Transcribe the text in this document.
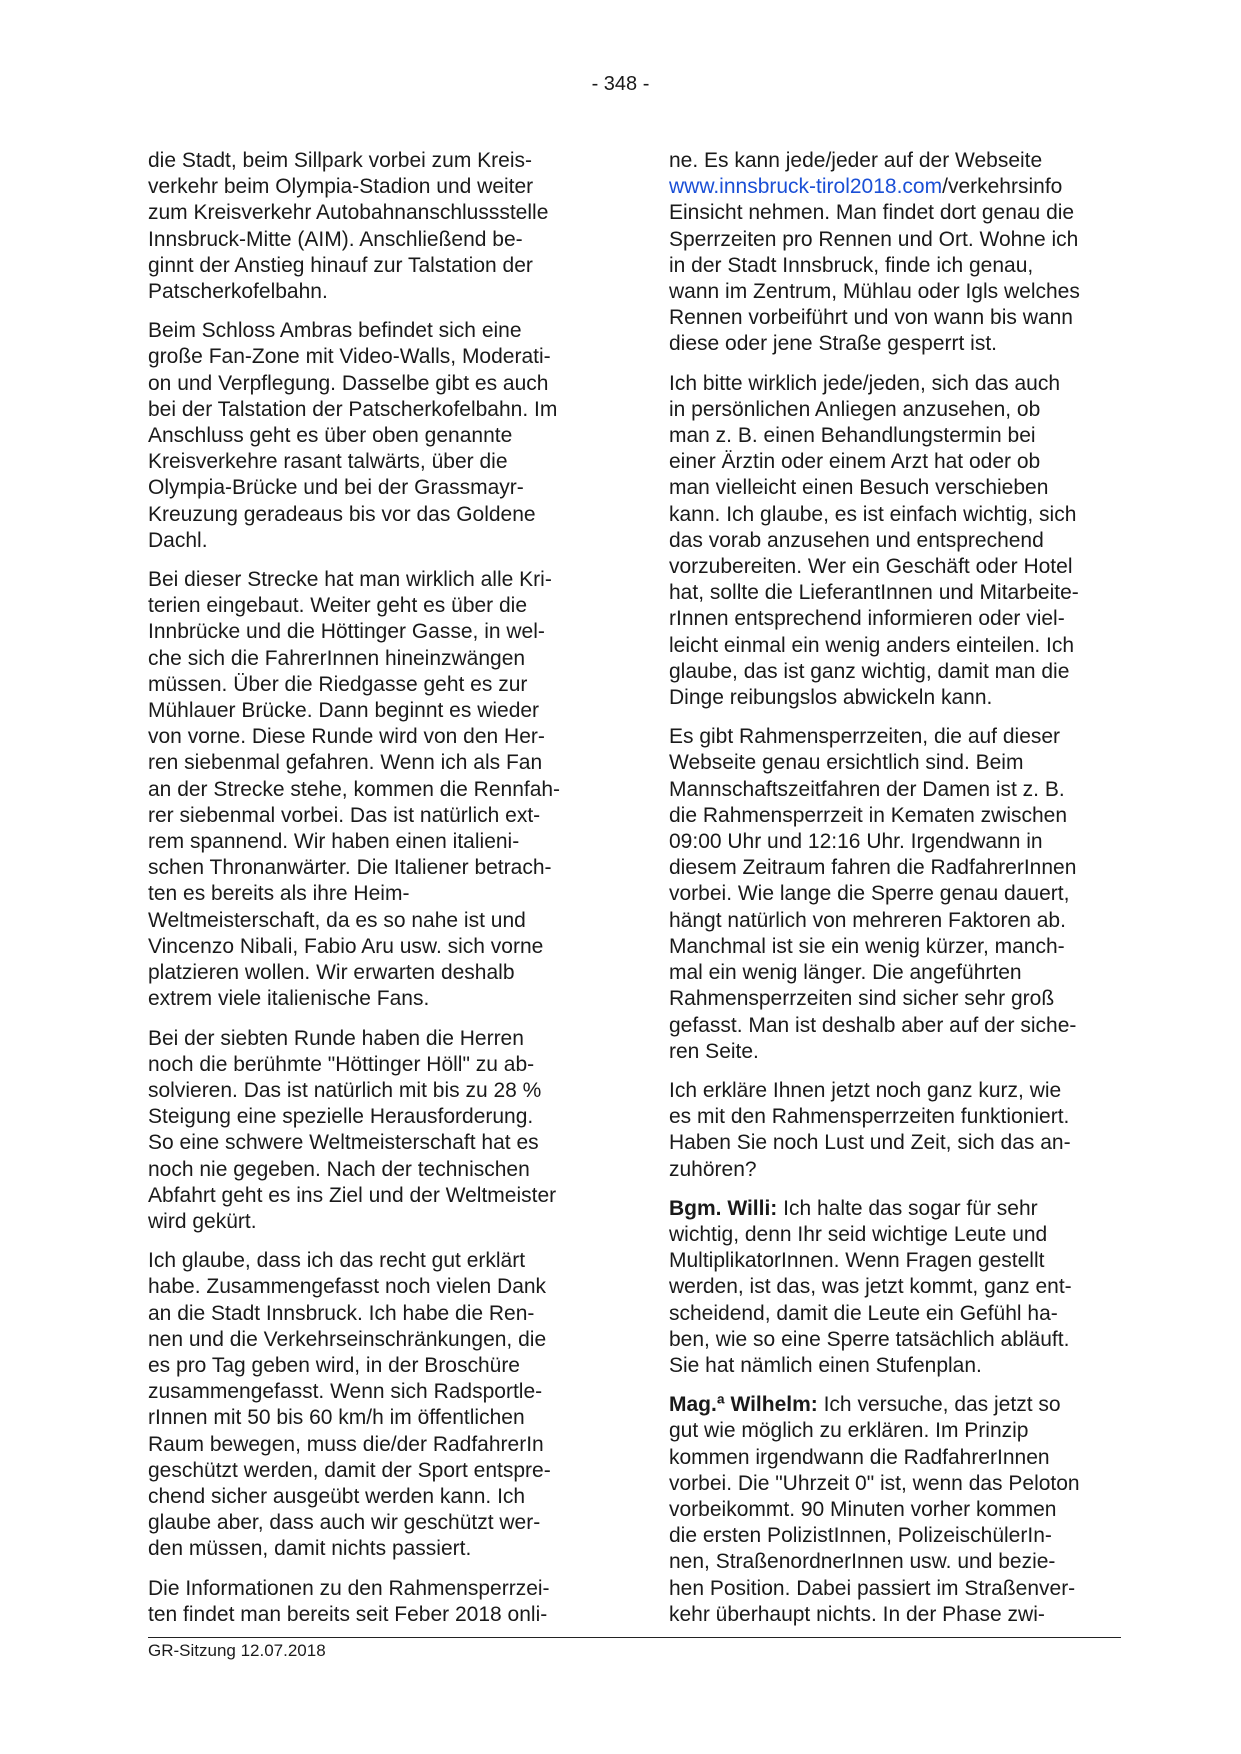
- 348 -
die Stadt, beim Sillpark vorbei zum Kreis-
verkehr beim Olympia-Stadion und weiter
zum Kreisverkehr Autobahnanschlussstelle
Innsbruck-Mitte (AIM). Anschließend be-
ginnt der Anstieg hinauf zur Talstation der
Patscherkofelbahn.
Beim Schloss Ambras befindet sich eine
große Fan-Zone mit Video-Walls, Moderati-
on und Verpflegung. Dasselbe gibt es auch
bei der Talstation der Patscherkofelbahn. Im
Anschluss geht es über oben genannte
Kreisverkehre rasant talwärts, über die
Olympia-Brücke und bei der Grassmayr-
Kreuzung geradeaus bis vor das Goldene
Dachl.
Bei dieser Strecke hat man wirklich alle Kri-
terien eingebaut. Weiter geht es über die
Innbrücke und die Höttinger Gasse, in wel-
che sich die FahrerInnen hineinzwängen
müssen. Über die Riedgasse geht es zur
Mühlauer Brücke. Dann beginnt es wieder
von vorne. Diese Runde wird von den Her-
ren siebenmal gefahren. Wenn ich als Fan
an der Strecke stehe, kommen die Rennfah-
rer siebenmal vorbei. Das ist natürlich ext-
rem spannend. Wir haben einen italieni-
schen Thronanwärter. Die Italiener betrach-
ten es bereits als ihre Heim-
Weltmeisterschaft, da es so nahe ist und
Vincenzo Nibali, Fabio Aru usw. sich vorne
platzieren wollen. Wir erwarten deshalb
extrem viele italienische Fans.
Bei der siebten Runde haben die Herren
noch die berühmte "Höttinger Höll" zu ab-
solvieren. Das ist natürlich mit bis zu 28 %
Steigung eine spezielle Herausforderung.
So eine schwere Weltmeisterschaft hat es
noch nie gegeben. Nach der technischen
Abfahrt geht es ins Ziel und der Weltmeister
wird gekürt.
Ich glaube, dass ich das recht gut erklärt
habe. Zusammengefasst noch vielen Dank
an die Stadt Innsbruck. Ich habe die Ren-
nen und die Verkehrseinschränkungen, die
es pro Tag geben wird, in der Broschüre
zusammengefasst. Wenn sich Radsportle-
rInnen mit 50 bis 60 km/h im öffentlichen
Raum bewegen, muss die/der RadfahrerIn
geschützt werden, damit der Sport entspre-
chend sicher ausgeübt werden kann. Ich
glaube aber, dass auch wir geschützt wer-
den müssen, damit nichts passiert.
Die Informationen zu den Rahmensperrzei-
ten findet man bereits seit Feber 2018 onli-
ne. Es kann jede/jeder auf der Webseite
www.innsbruck-tirol2018.com/verkehrsinfo
Einsicht nehmen. Man findet dort genau die
Sperrzeiten pro Rennen und Ort. Wohne ich
in der Stadt Innsbruck, finde ich genau,
wann im Zentrum, Mühlau oder Igls welches
Rennen vorbeiführt und von wann bis wann
diese oder jene Straße gesperrt ist.
Ich bitte wirklich jede/jeden, sich das auch
in persönlichen Anliegen anzusehen, ob
man z. B. einen Behandlungstermin bei
einer Ärztin oder einem Arzt hat oder ob
man vielleicht einen Besuch verschieben
kann. Ich glaube, es ist einfach wichtig, sich
das vorab anzusehen und entsprechend
vorzubereiten. Wer ein Geschäft oder Hotel
hat, sollte die LieferantInnen und Mitarbeite-
rInnen entsprechend informieren oder viel-
leicht einmal ein wenig anders einteilen. Ich
glaube, das ist ganz wichtig, damit man die
Dinge reibungslos abwickeln kann.
Es gibt Rahmensperrzeiten, die auf dieser
Webseite genau ersichtlich sind. Beim
Mannschaftszeitfahren der Damen ist z. B.
die Rahmensperrzeit in Kematen zwischen
09:00 Uhr und 12:16 Uhr. Irgendwann in
diesem Zeitraum fahren die RadfahrerInnen
vorbei. Wie lange die Sperre genau dauert,
hängt natürlich von mehreren Faktoren ab.
Manchmal ist sie ein wenig kürzer, manch-
mal ein wenig länger. Die angeführten
Rahmensperrzeiten sind sicher sehr groß
gefasst. Man ist deshalb aber auf der siche-
ren Seite.
Ich erkläre Ihnen jetzt noch ganz kurz, wie
es mit den Rahmensperrzeiten funktioniert.
Haben Sie noch Lust und Zeit, sich das an-
zuhören?
Bgm. Willi: Ich halte das sogar für sehr
wichtig, denn Ihr seid wichtige Leute und
MultiplikatorInnen. Wenn Fragen gestellt
werden, ist das, was jetzt kommt, ganz ent-
scheidend, damit die Leute ein Gefühl ha-
ben, wie so eine Sperre tatsächlich abläuft.
Sie hat nämlich einen Stufenplan.
Mag.ª Wilhelm: Ich versuche, das jetzt so
gut wie möglich zu erklären. Im Prinzip
kommen irgendwann die RadfahrerInnen
vorbei. Die "Uhrzeit 0" ist, wenn das Peloton
vorbeikommt. 90 Minuten vorher kommen
die ersten PolizistInnen, PolizeischülerIn-
nen, StraßenordnerInnen usw. und bezie-
hen Position. Dabei passiert im Straßenver-
kehr überhaupt nichts. In der Phase zwi-
GR-Sitzung 12.07.2018
